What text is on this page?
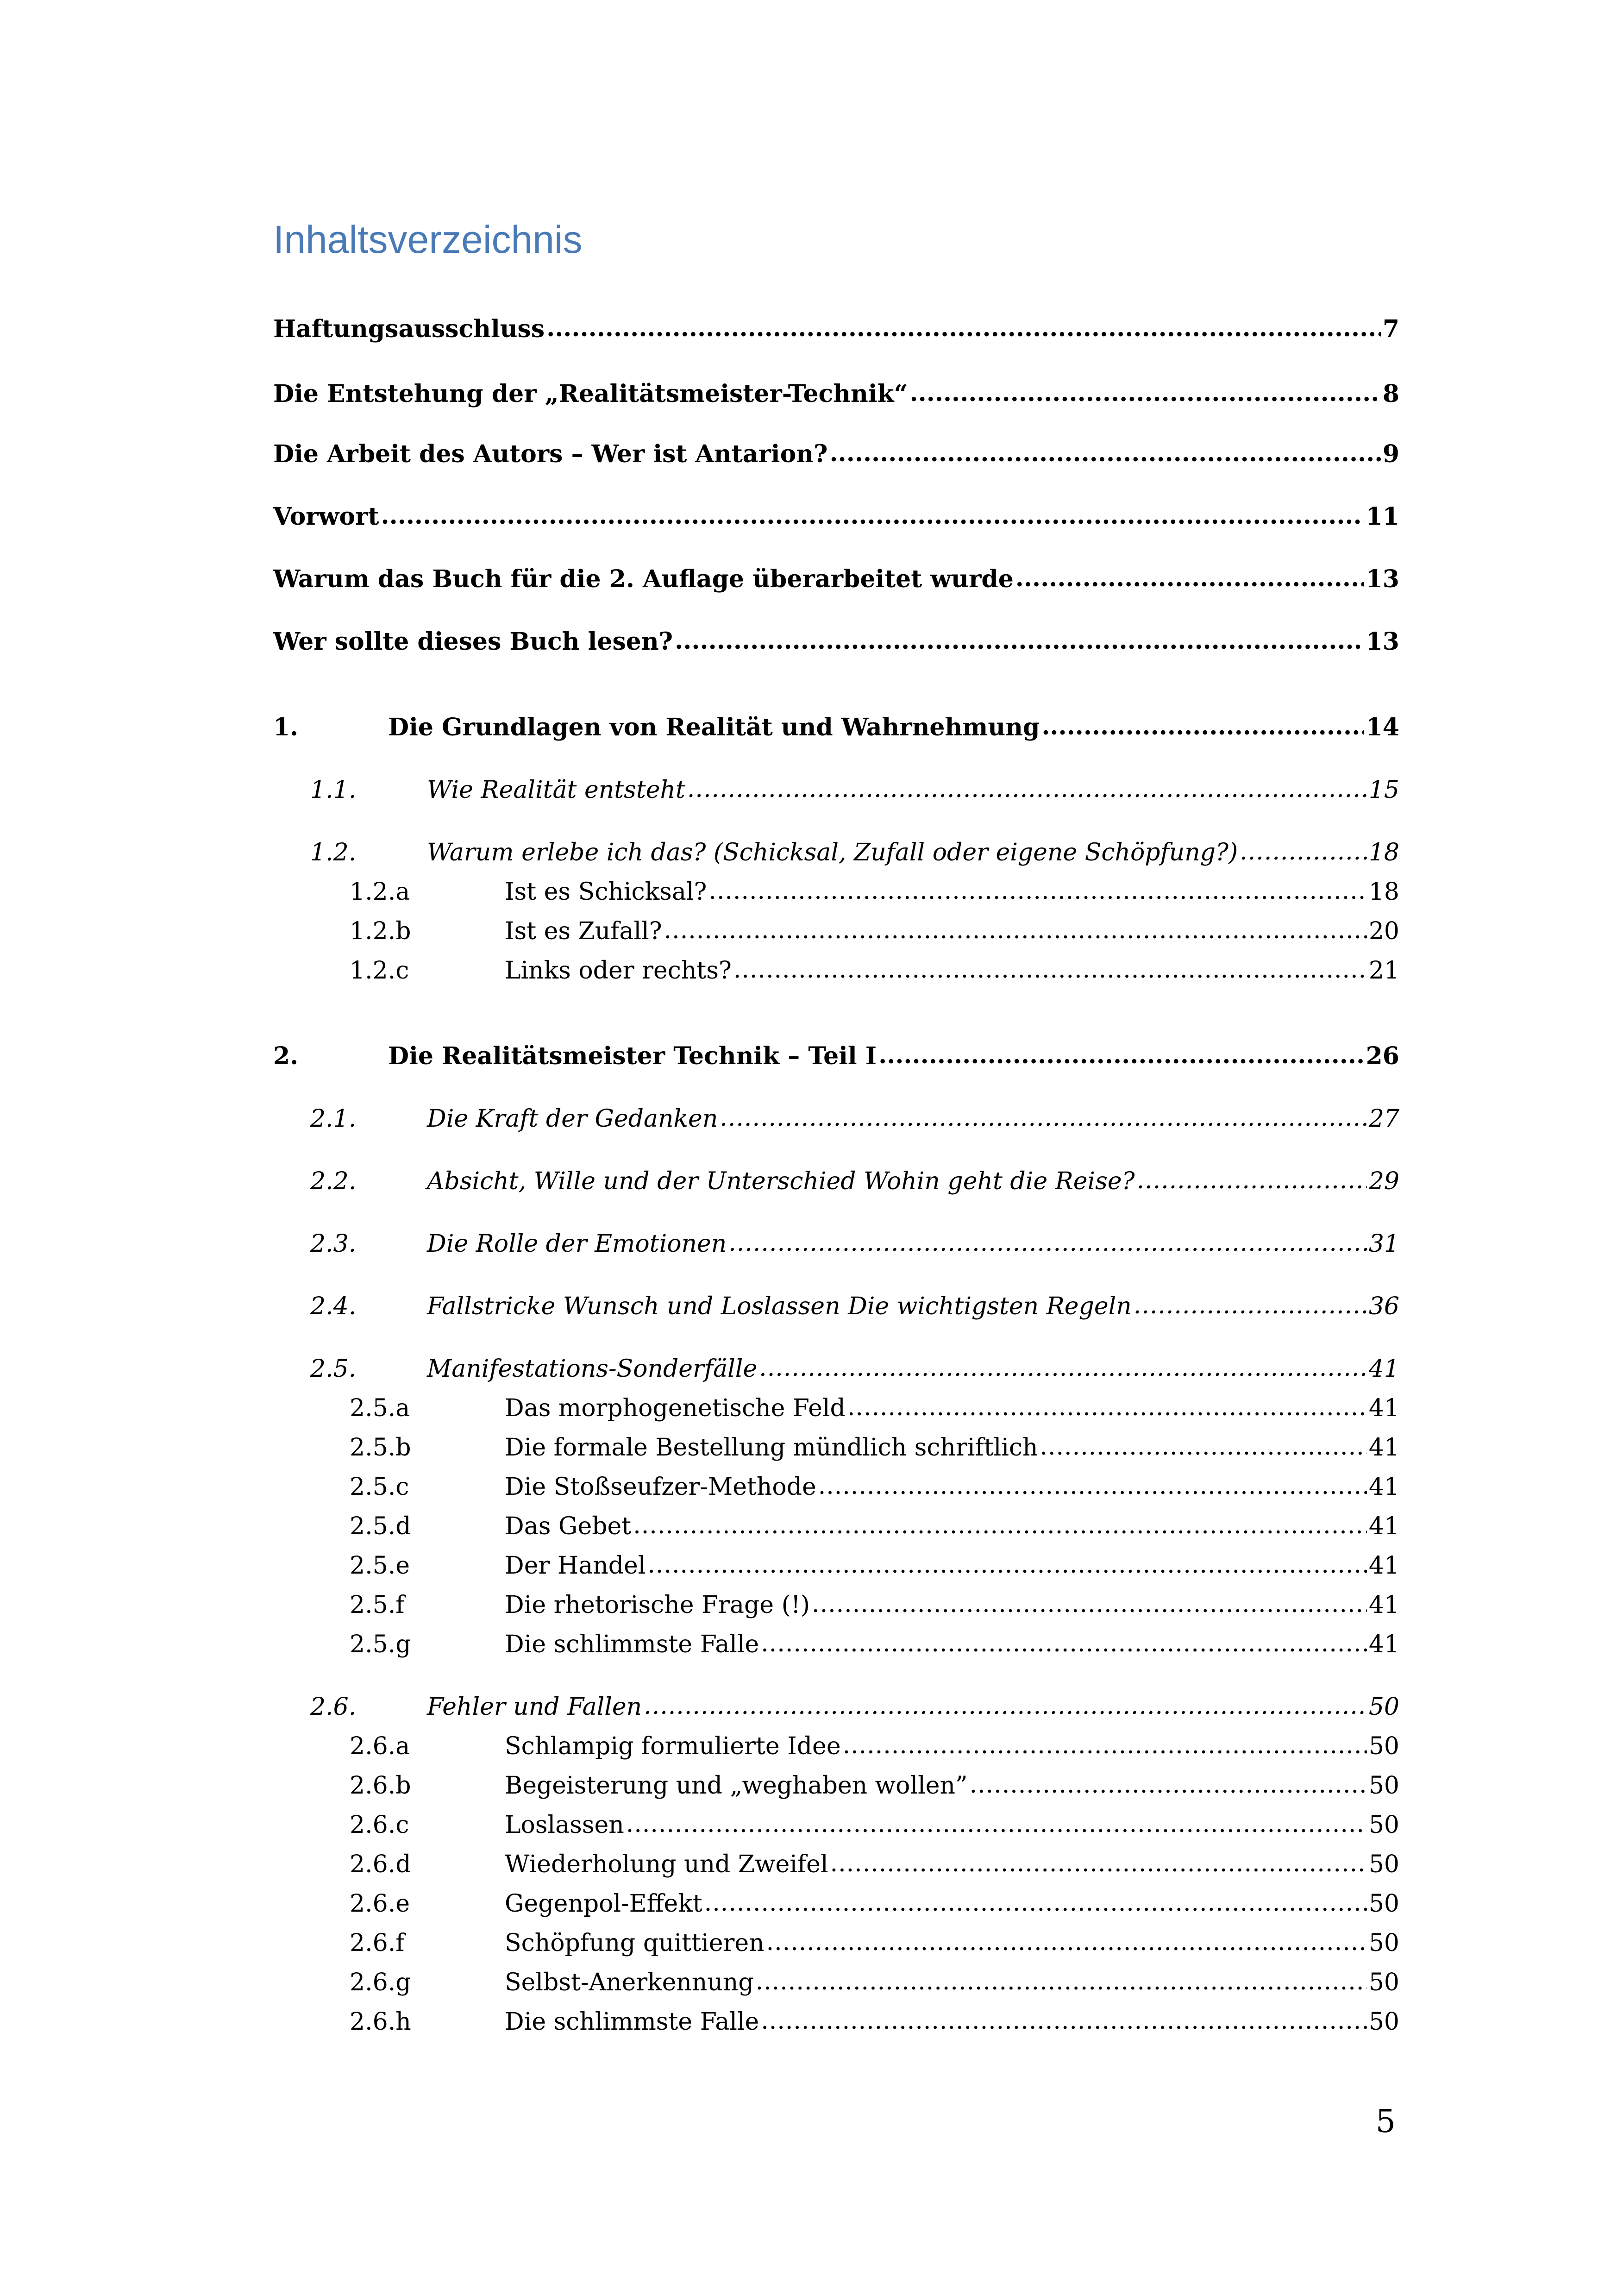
Inhaltsverzeichnis
Haftungsausschluss .....	7
Die Entstehung der „Realitätsmeister-Technik“ .....	8
Die Arbeit des Autors – Wer ist Antarion? .....	9
Vorwort .....	11
Warum das Buch für die 2. Auflage überarbeitet wurde .....	13
Wer sollte dieses Buch lesen? .....	13
1.	Die Grundlagen von Realität und Wahrnehmung .....	14
1.1.	Wie Realität entsteht .....	15
1.2.	Warum erlebe ich das? (Schicksal, Zufall oder eigene Schöpfung?) .....	18
1.2.a	Ist es Schicksal? .....	18
1.2.b	Ist es Zufall? .....	20
1.2.c	Links oder rechts? .....	21
2.	Die Realitätsmeister Technik – Teil I .....	26
2.1.	Die Kraft der Gedanken .....	27
2.2.	Absicht, Wille und der Unterschied Wohin geht die Reise? .....	29
2.3.	Die Rolle der Emotionen .....	31
2.4.	Fallstricke Wunsch und Loslassen Die wichtigsten Regeln .....	36
2.5.	Manifestations-Sonderfälle .....	41
2.5.a	Das morphogenetische Feld .....	41
2.5.b	Die formale Bestellung mündlich schriftlich .....	41
2.5.c	Die Stoßseufzer-Methode .....	41
2.5.d	Das Gebet .....	41
2.5.e	Der Handel .....	41
2.5.f	Die rhetorische Frage (!) .....	41
2.5.g	Die schlimmste Falle .....	41
2.6.	Fehler und Fallen .....	50
2.6.a	Schlampig formulierte Idee .....	50
2.6.b	Begeisterung und „weghaben wollen” .....	50
2.6.c	Loslassen .....	50
2.6.d	Wiederholung und Zweifel .....	50
2.6.e	Gegenpol-Effekt .....	50
2.6.f	Schöpfung quittieren .....	50
2.6.g	Selbst-Anerkennung .....	50
2.6.h	Die schlimmste Falle .....	50
5
